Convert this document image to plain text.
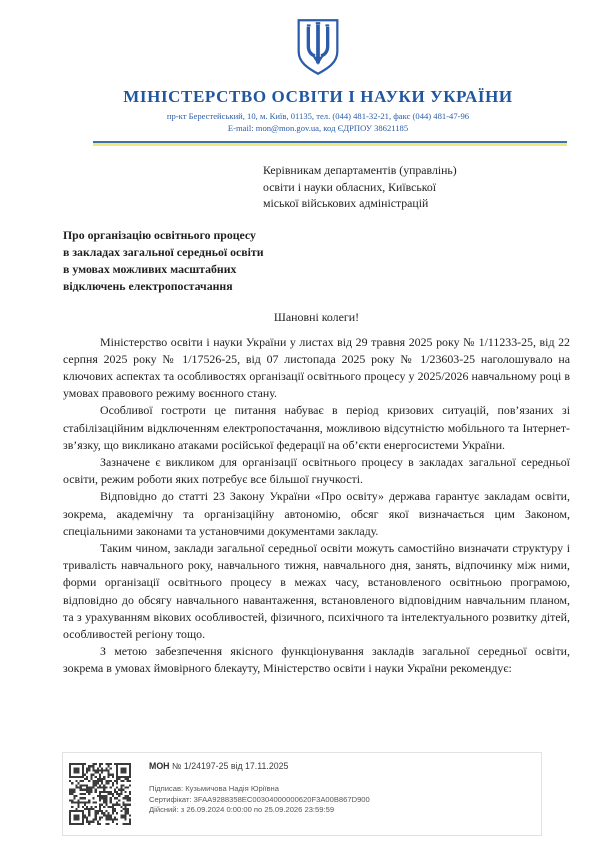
МІНІСТЕРСТВО ОСВІТИ І НАУКИ УКРАЇНИ
пр-кт Берестейський, 10, м. Київ, 01135, тел. (044) 481-32-21, факс (044) 481-47-96
E-mail: mon@mon.gov.ua, код ЄДРПОУ 38621185
Керівникам департаментів (управлінь)
освіти і науки обласних, Київської
міської військових адміністрацій
Про організацію освітнього процесу
в закладах загальної середньої освіти
в умовах можливих масштабних
відключень електропостачання
Шановні колеги!

Міністерство освіти і науки України у листах від 29 травня 2025 року № 1/11233-25, від 22 серпня 2025 року № 1/17526-25, від 07 листопада 2025 року № 1/23603-25 наголошувало на ключових аспектах та особливостях організації освітнього процесу у 2025/2026 навчальному році в умовах правового режиму воєнного стану.

Особливої гостроти це питання набуває в період кризових ситуацій, пов’язаних зі стабілізаційним відключенням електропостачання, можливою відсутністю мобільного та Інтернет-зв’язку, що викликано атаками російської федерації на об’єкти енергосистеми України.

Зазначене є викликом для організації освітнього процесу в закладах загальної середньої освіти, режим роботи яких потребує все більшої гнучкості.

Відповідно до статті 23 Закону України «Про освіту» держава гарантує закладам освіти, зокрема, академічну та організаційну автономію, обсяг якої визначається цим Законом, спеціальними законами та установчими документами закладу.

Таким чином, заклади загальної середньої освіти можуть самостійно визначати структуру і тривалість навчального року, навчального тижня, навчального дня, занять, відпочинку між ними, форми організації освітнього процесу в межах часу, встановленого освітньою програмою, відповідно до обсягу навчального навантаження, встановленого відповідним навчальним планом, та з урахуванням вікових особливостей, фізичного, психічного та інтелектуального розвитку дітей, особливостей регіону тощо.

З метою забезпечення якісного функціонування закладів загальної середньої освіти, зокрема в умовах ймовірного блекауту, Міністерство освіти і науки України рекомендує:

МОН № 1/24197-25 від 17.11.2025
Підписав: Кузьмичова Надія Юріївна
Сертифікат: 3FAA9288358EC00304000000620F3A00B867D900
Дійсний: з 26.09.2024 0:00:00 по 25.09.2026 23:59:59
